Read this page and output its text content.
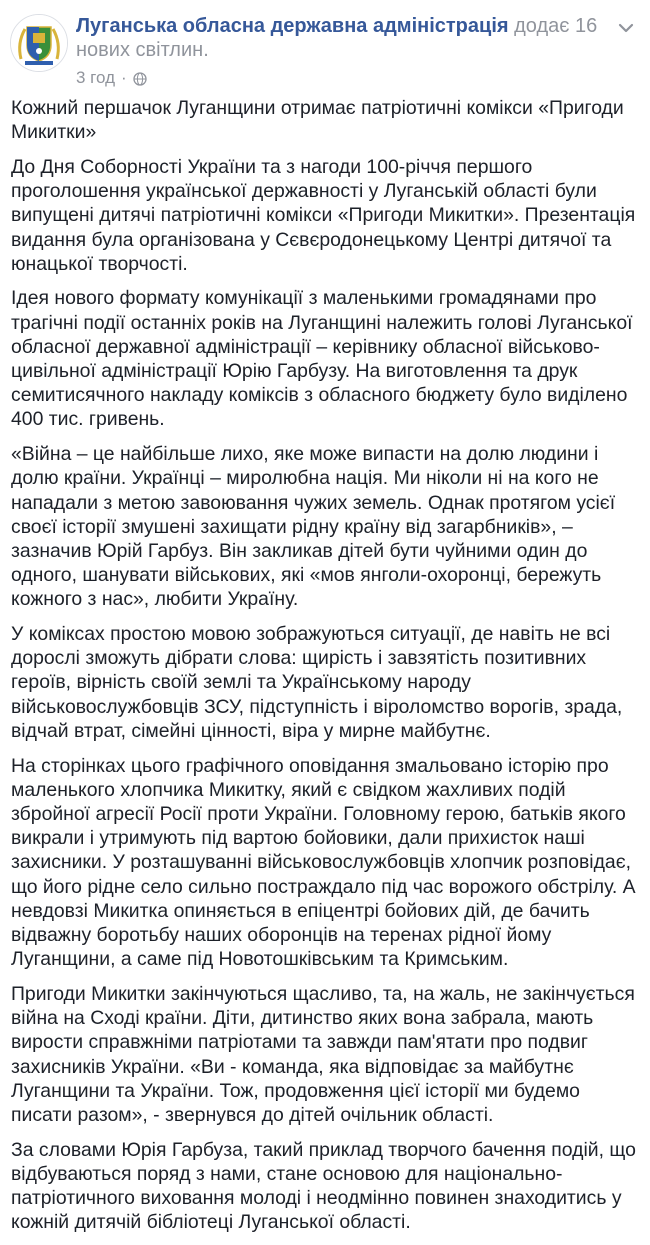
Луганська обласна державна адміністрація додає 16 нових світлин.
3 год ·

Кожний першачок Луганщини отримає патріотичні комікси «Пригоди Микитки»

До Дня Соборності України та з нагоди 100-річчя першого проголошення української державності у Луганській області були випущені дитячі патріотичні комікси «Пригоди Микитки». Презентація видання була організована у Сєвєродонецькому Центрі дитячої та юнацької творчості.

Ідея нового формату комунікації з маленькими громадянами про трагічні події останніх років на Луганщині належить голові Луганської обласної державної адміністрації – керівнику обласної військово-цивільної адміністрації Юрію Гарбузу. На виготовлення та друк семитисячного накладу коміксів з обласного бюджету було виділено 400 тис. гривень.

«Війна – це найбільше лихо, яке може випасти на долю людини і долю країни. Українці – миролюбна нація. Ми ніколи ні на кого не нападали з метою завоювання чужих земель. Однак протягом усієї своєї історії змушені захищати рідну країну від загарбників», – зазначив Юрій Гарбуз. Він закликав дітей бути чуйними один до одного, шанувати військових, які «мов янголи-охоронці, бережуть кожного з нас», любити Україну.

У коміксах простою мовою зображуються ситуації, де навіть не всі дорослі зможуть дібрати слова: щирість і завзятість позитивних героїв, вірність своїй землі та Українському народу військовослужбовців ЗСУ, підступність і віроломство ворогів, зрада, відчай втрат, сімейні цінності, віра у мирне майбутнє.

На сторінках цього графічного оповідання змальовано історію про маленького хлопчика Микитку, який є свідком жахливих подій збройної агресії Росії проти України. Головному герою, батьків якого викрали і утримують під вартою бойовики, дали прихисток наші захисники. У розташуванні військовослужбовців хлопчик розповідає, що його рідне село сильно постраждало під час ворожого обстрілу. А невдовзі Микитка опиняється в епіцентрі бойових дій, де бачить відважну боротьбу наших оборонців на теренах рідної йому Луганщини, а саме під Новотошківським та Кримським.

Пригоди Микитки закінчуються щасливо, та, на жаль, не закінчується війна на Сході країни. Діти, дитинство яких вона забрала, мають вирости справжніми патріотами та завжди пам'ятати про подвиг захисників України. «Ви - команда, яка відповідає за майбутнє Луганщини та України. Тож, продовження цієї історії ми будемо писати разом», - звернувся до дітей очільник області.

За словами Юрія Гарбуза, такий приклад творчого бачення подій, що відбуваються поряд з нами, стане основою для національно-патріотичного виховання молоді і неодмінно повинен знаходитись у кожній дитячій бібліотеці Луганської області.
